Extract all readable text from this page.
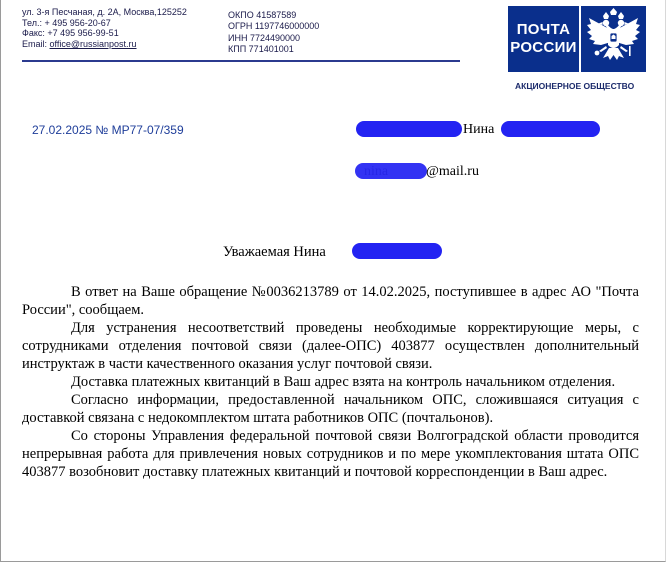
ул. 3-я Песчаная, д. 2А, Москва,125252
Тел.: + 495 956-20-67
Факс: +7 495 956-99-51
Email: office@russianpost.ru
ОКПО 41587589
ОГРН 1197746000000
ИНН 7724490000
КПП 771401001
ПОЧТА
РОССИИ
АКЦИОНЕРНОЕ ОБЩЕСТВО
27.02.2025 № МР77-07/359	Нина
@mail.ru
Уважаемая Нина

В ответ на Ваше обращение №0036213789 от 14.02.2025, поступившее в адрес АО "Почта России", сообщаем.

Для устранения несоответствий проведены необходимые корректирующие меры, с сотрудниками отделения почтовой связи (далее-ОПС) 403877 осуществлен дополнительный инструктаж в части качественного оказания услуг почтовой связи.

Доставка платежных квитанций в Ваш адрес взята на контроль начальником отделения.

Согласно информации, предоставленной начальником ОПС, сложившаяся ситуация с доставкой связана с недокомплектом штата работников ОПС (почтальонов).

Со стороны Управления федеральной почтовой связи Волгоградской области проводится непрерывная работа для привлечения новых сотрудников и по мере укомплектования штата ОПС 403877 возобновит доставку платежных квитанций и почтовой корреспонденции в Ваш адрес.
